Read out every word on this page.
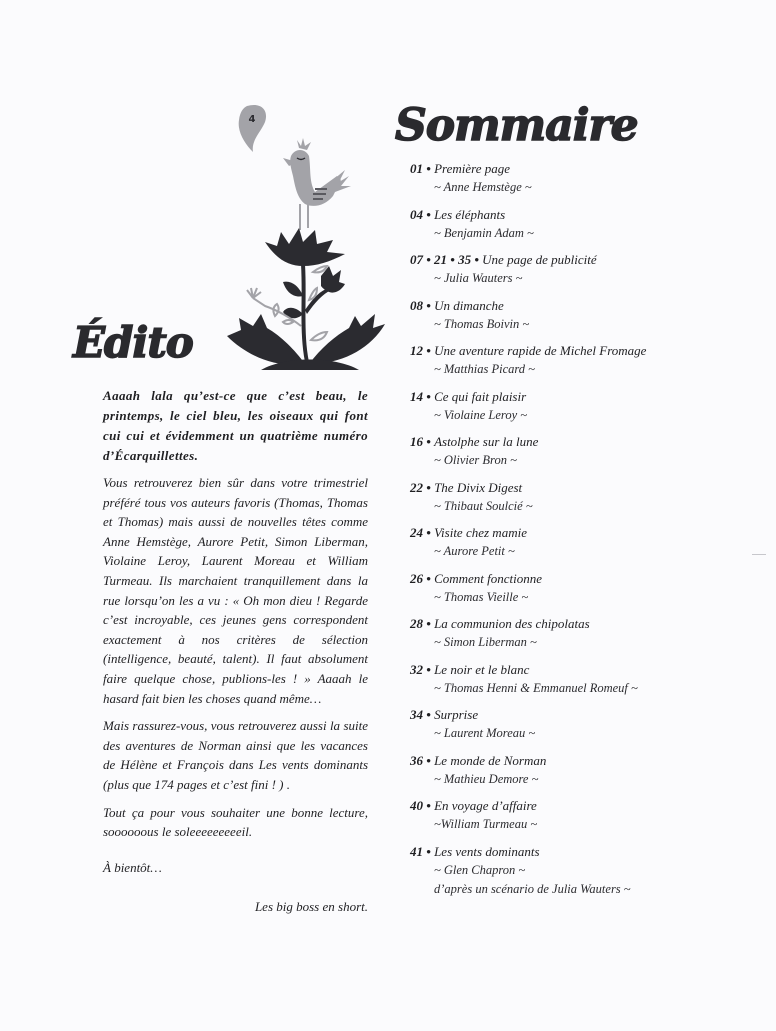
4
Édito
Sommaire

Aaaah lala qu’est-ce que c’est beau, le printemps, le ciel bleu, les oiseaux qui font cui cui et évidemment un quatrième numéro d’Écarquillettes.

Vous retrouverez bien sûr dans votre trimestriel préféré tous vos auteurs favoris (Thomas, Thomas et Thomas) mais aussi de nouvelles têtes comme Anne Hemstège, Aurore Petit, Simon Liberman, Violaine Leroy, Laurent Moreau et William Turmeau. Ils marchaient tranquillement dans la rue lorsqu’on les a vu : « Oh mon dieu ! Regarde c’est incroyable, ces jeunes gens correspondent exactement à nos critères de sélection (intelligence, beauté, talent). Il faut absolument faire quelque chose, publions-les ! » Aaaah le hasard fait bien les choses quand même…

Mais rassurez-vous, vous retrouverez aussi la suite des aventures de Norman ainsi que les vacances de Hélène et François dans Les vents dominants (plus que 174 pages et c’est fini ! ) .

Tout ça pour vous souhaiter une bonne lecture, soooooous le soleeeeeeeeeil.

À bientôt…

Les big boss en short.

01 • Première page
~ Anne Hemstège ~
04 • Les éléphants
~ Benjamin Adam ~
07 • 21 • 35 • Une page de publicité
~ Julia Wauters ~
08 • Un dimanche
~ Thomas Boivin ~
12 • Une aventure rapide de Michel Fromage
~ Matthias Picard ~
14 • Ce qui fait plaisir
~ Violaine Leroy ~
16 • Astolphe sur la lune
~ Olivier Bron ~
22 • The Divix Digest
~ Thibaut Soulcié ~
24 • Visite chez mamie
~ Aurore Petit ~
26 • Comment fonctionne
~ Thomas Vieille ~
28 • La communion des chipolatas
~ Simon Liberman ~
32 • Le noir et le blanc
~ Thomas Henni & Emmanuel Romeuf ~
34 • Surprise
~ Laurent Moreau ~
36 • Le monde de Norman
~ Mathieu Demore ~
40 • En voyage d’affaire
~William Turmeau ~
41 • Les vents dominants
~ Glen Chapron ~
d’après un scénario de Julia Wauters ~
